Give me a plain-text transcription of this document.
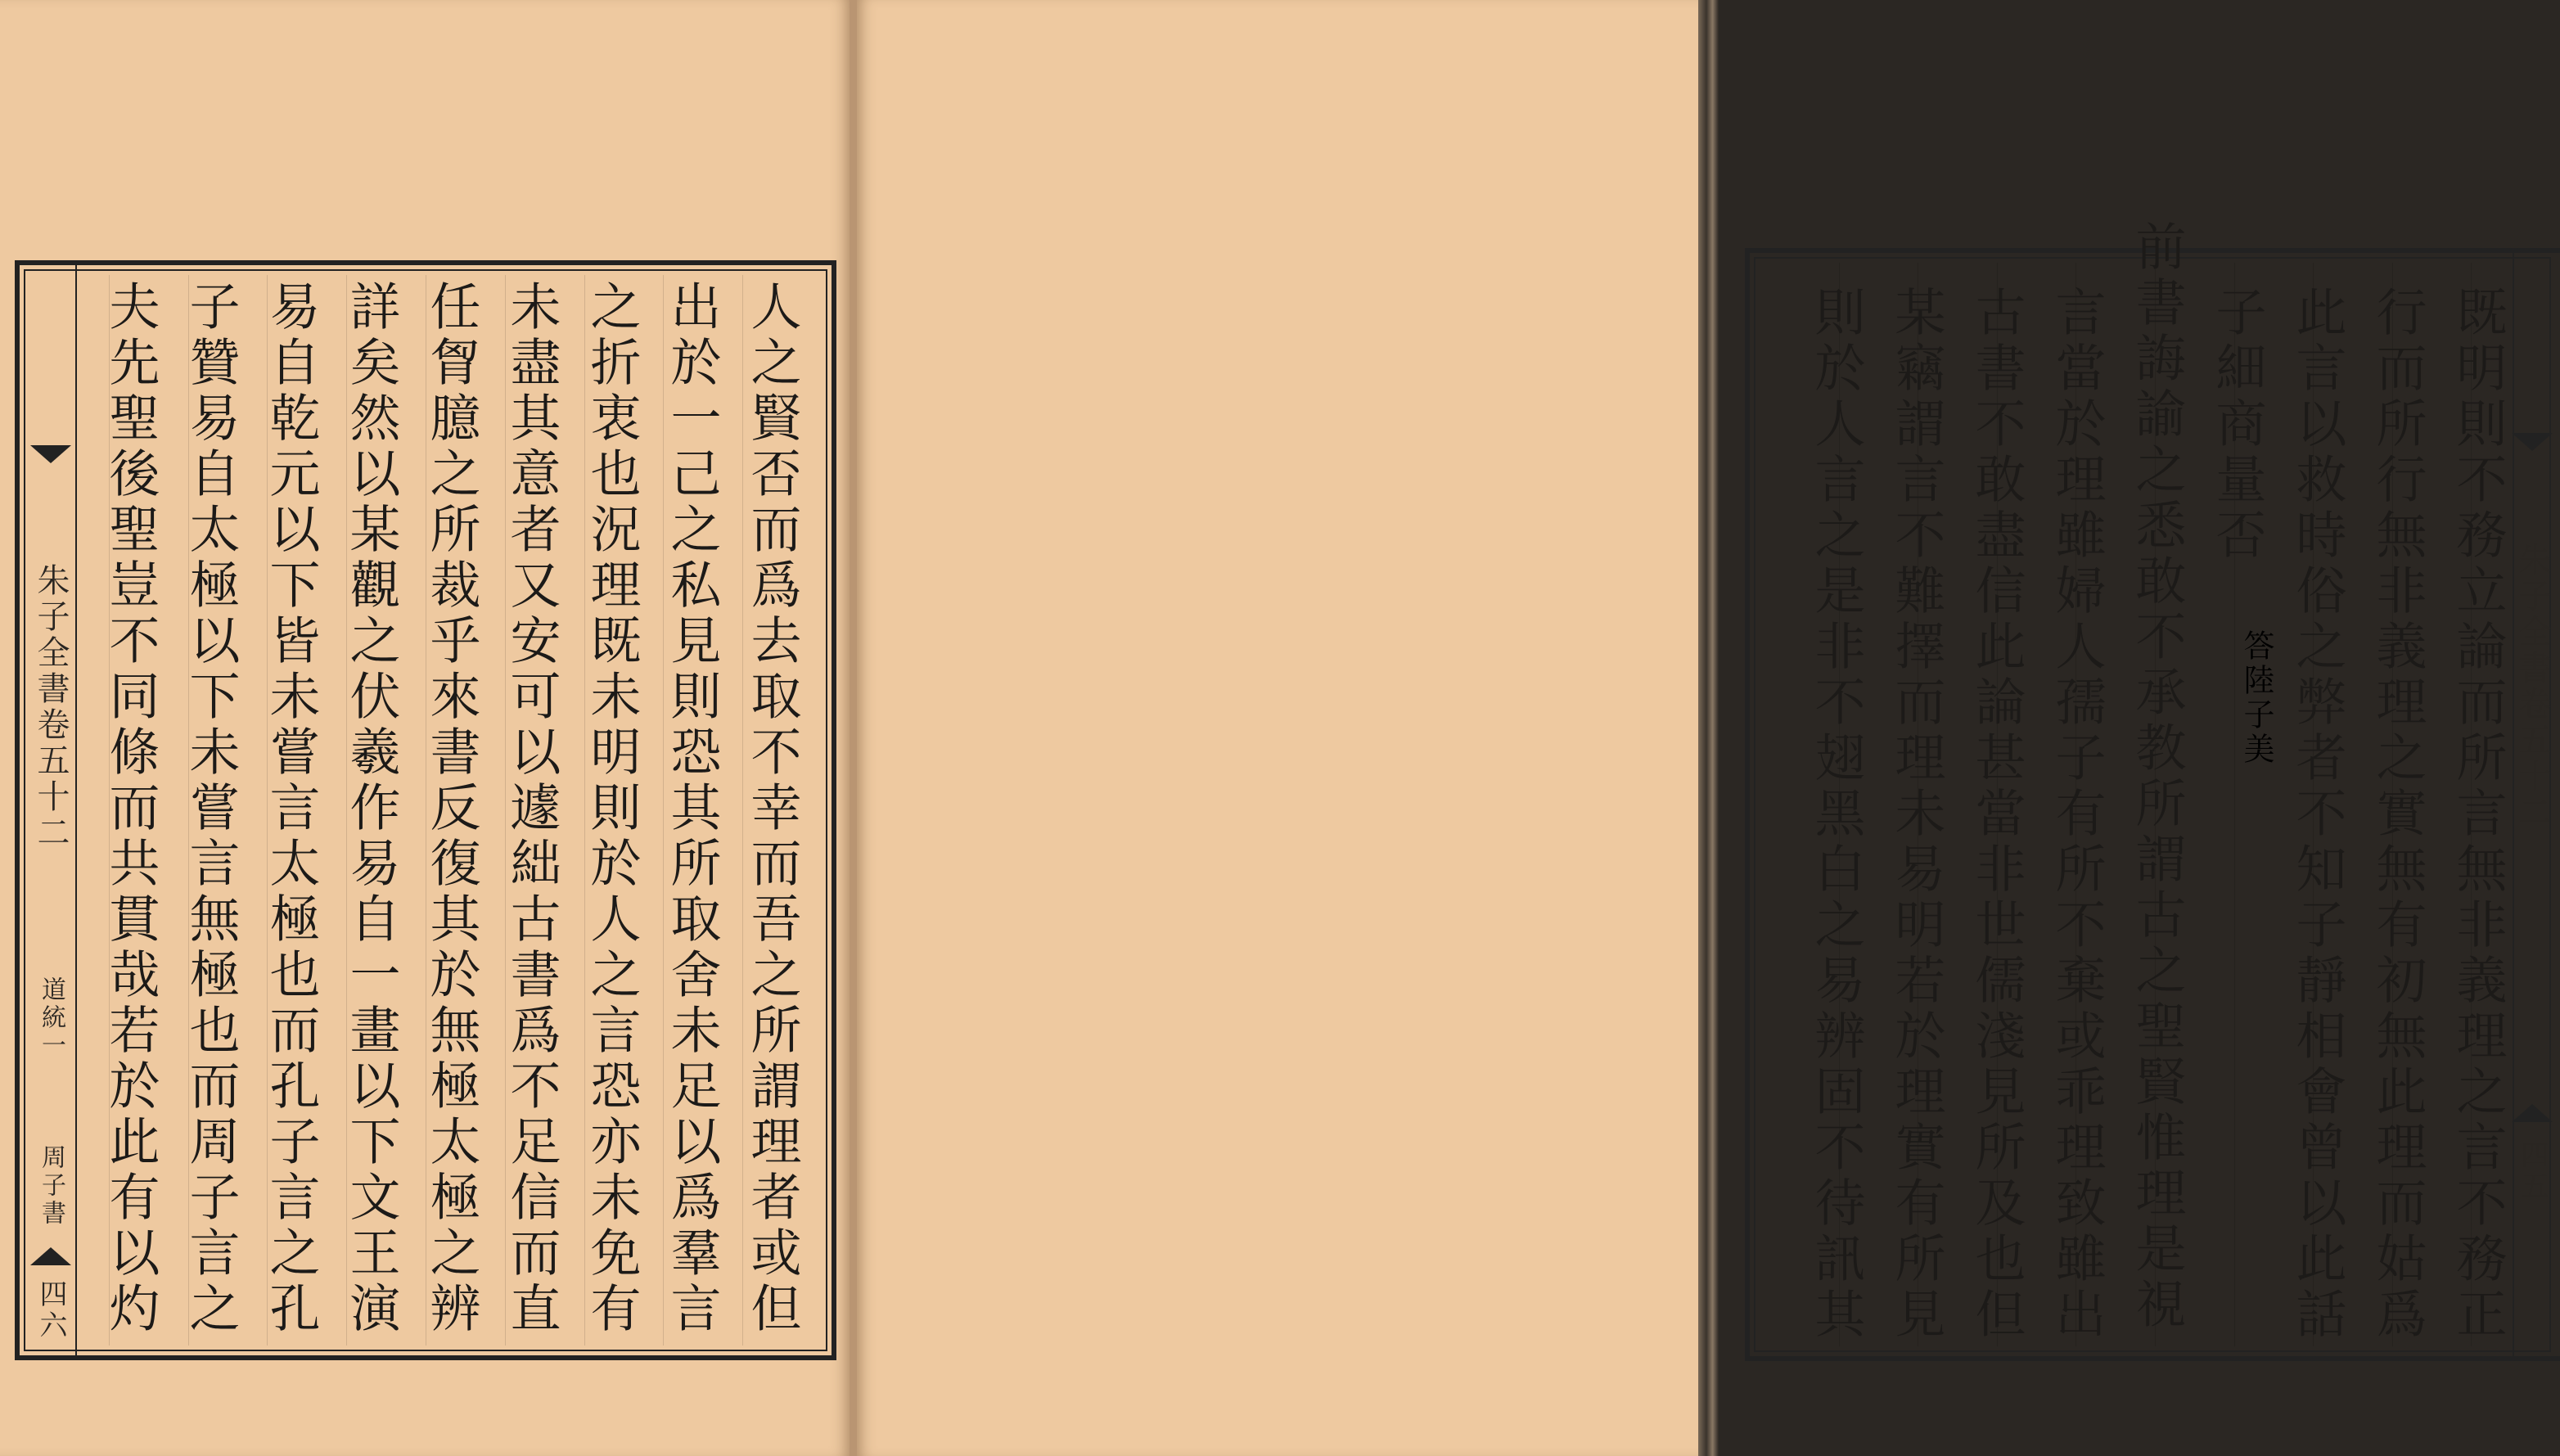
朱子全書卷五十二
道統一
周子書
四六	人之賢否而爲去取不幸而吾之所謂理者或但
出於一己之私見則恐其所取舍未足以爲羣言
之折衷也況理既未明則於人之言恐亦未免有
未盡其意者又安可以遽絀古書爲不足信而直
任胷臆之所裁乎來書反復其於無極太極之辨
詳矣然以某觀之伏羲作易自一畫以下文王演
易自乾元以下皆未嘗言太極也而孔子言之孔
子贊易自太極以下未嘗言無極也而周子言之
夫先聖後聖豈不同條而共貫哉若於此有以灼	既明則不務立論而所言無非義理之言不務正
行而所行無非義理之實無有初無此理而姑爲
此言以救時俗之弊者不知子靜相會曾以此話
子細商量否
答陸子美
前書誨諭之悉敢不承教所謂古之聖賢惟理是視
言當於理雖婦人孺子有所不棄或乖理致雖出
古書不敢盡信此論甚當非世儒淺見所及也但
某竊謂言不難擇而理未易明若於理實有所見
則於人言之是非不翅黑白之易辨固不待訊其	朱子全書卷五十二
四五
